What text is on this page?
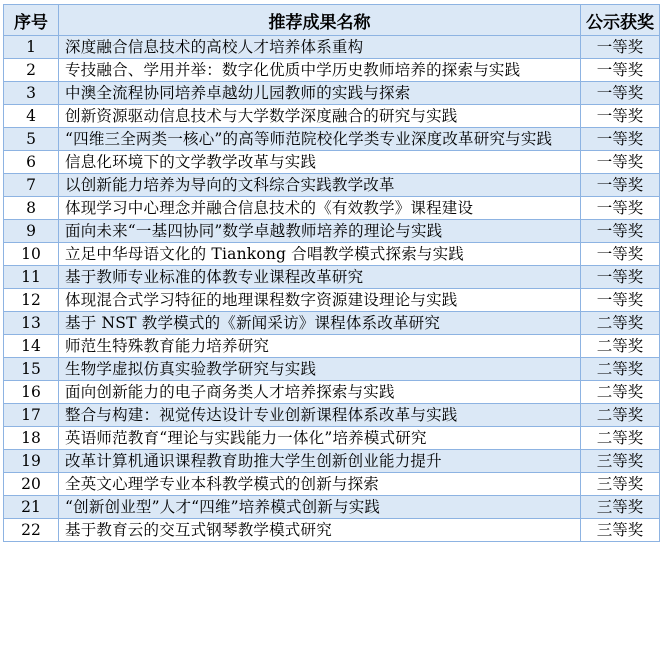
序号	推荐成果名称	公示获奖
1	深度融合信息技术的高校人才培养体系重构	一等奖
2	专技融合、学用并举：数字化优质中学历史教师培养的探索与实践	一等奖
3	中澳全流程协同培养卓越幼儿园教师的实践与探索	一等奖
4	创新资源驱动信息技术与大学数学深度融合的研究与实践	一等奖
5	“四维三全两类一核心”的高等师范院校化学类专业深度改革研究与实践	一等奖
6	信息化环境下的文学教学改革与实践	一等奖
7	以创新能力培养为导向的文科综合实践教学改革	一等奖
8	体现学习中心理念并融合信息技术的《有效教学》课程建设	一等奖
9	面向未来“一基四协同”数学卓越教师培养的理论与实践	一等奖
10	立足中华母语文化的 Tiankong 合唱教学模式探索与实践	一等奖
11	基于教师专业标准的体教专业课程改革研究	一等奖
12	体现混合式学习特征的地理课程数字资源建设理论与实践	一等奖
13	基于 NST 教学模式的《新闻采访》课程体系改革研究	二等奖
14	师范生特殊教育能力培养研究	二等奖
15	生物学虚拟仿真实验教学研究与实践	二等奖
16	面向创新能力的电子商务类人才培养探索与实践	二等奖
17	整合与构建：视觉传达设计专业创新课程体系改革与实践	二等奖
18	英语师范教育“理论与实践能力一体化”培养模式研究	二等奖
19	改革计算机通识课程教育助推大学生创新创业能力提升	三等奖
20	全英文心理学专业本科教学模式的创新与探索	三等奖
21	“创新创业型”人才“四维”培养模式创新与实践	三等奖
22	基于教育云的交互式钢琴教学模式研究	三等奖
